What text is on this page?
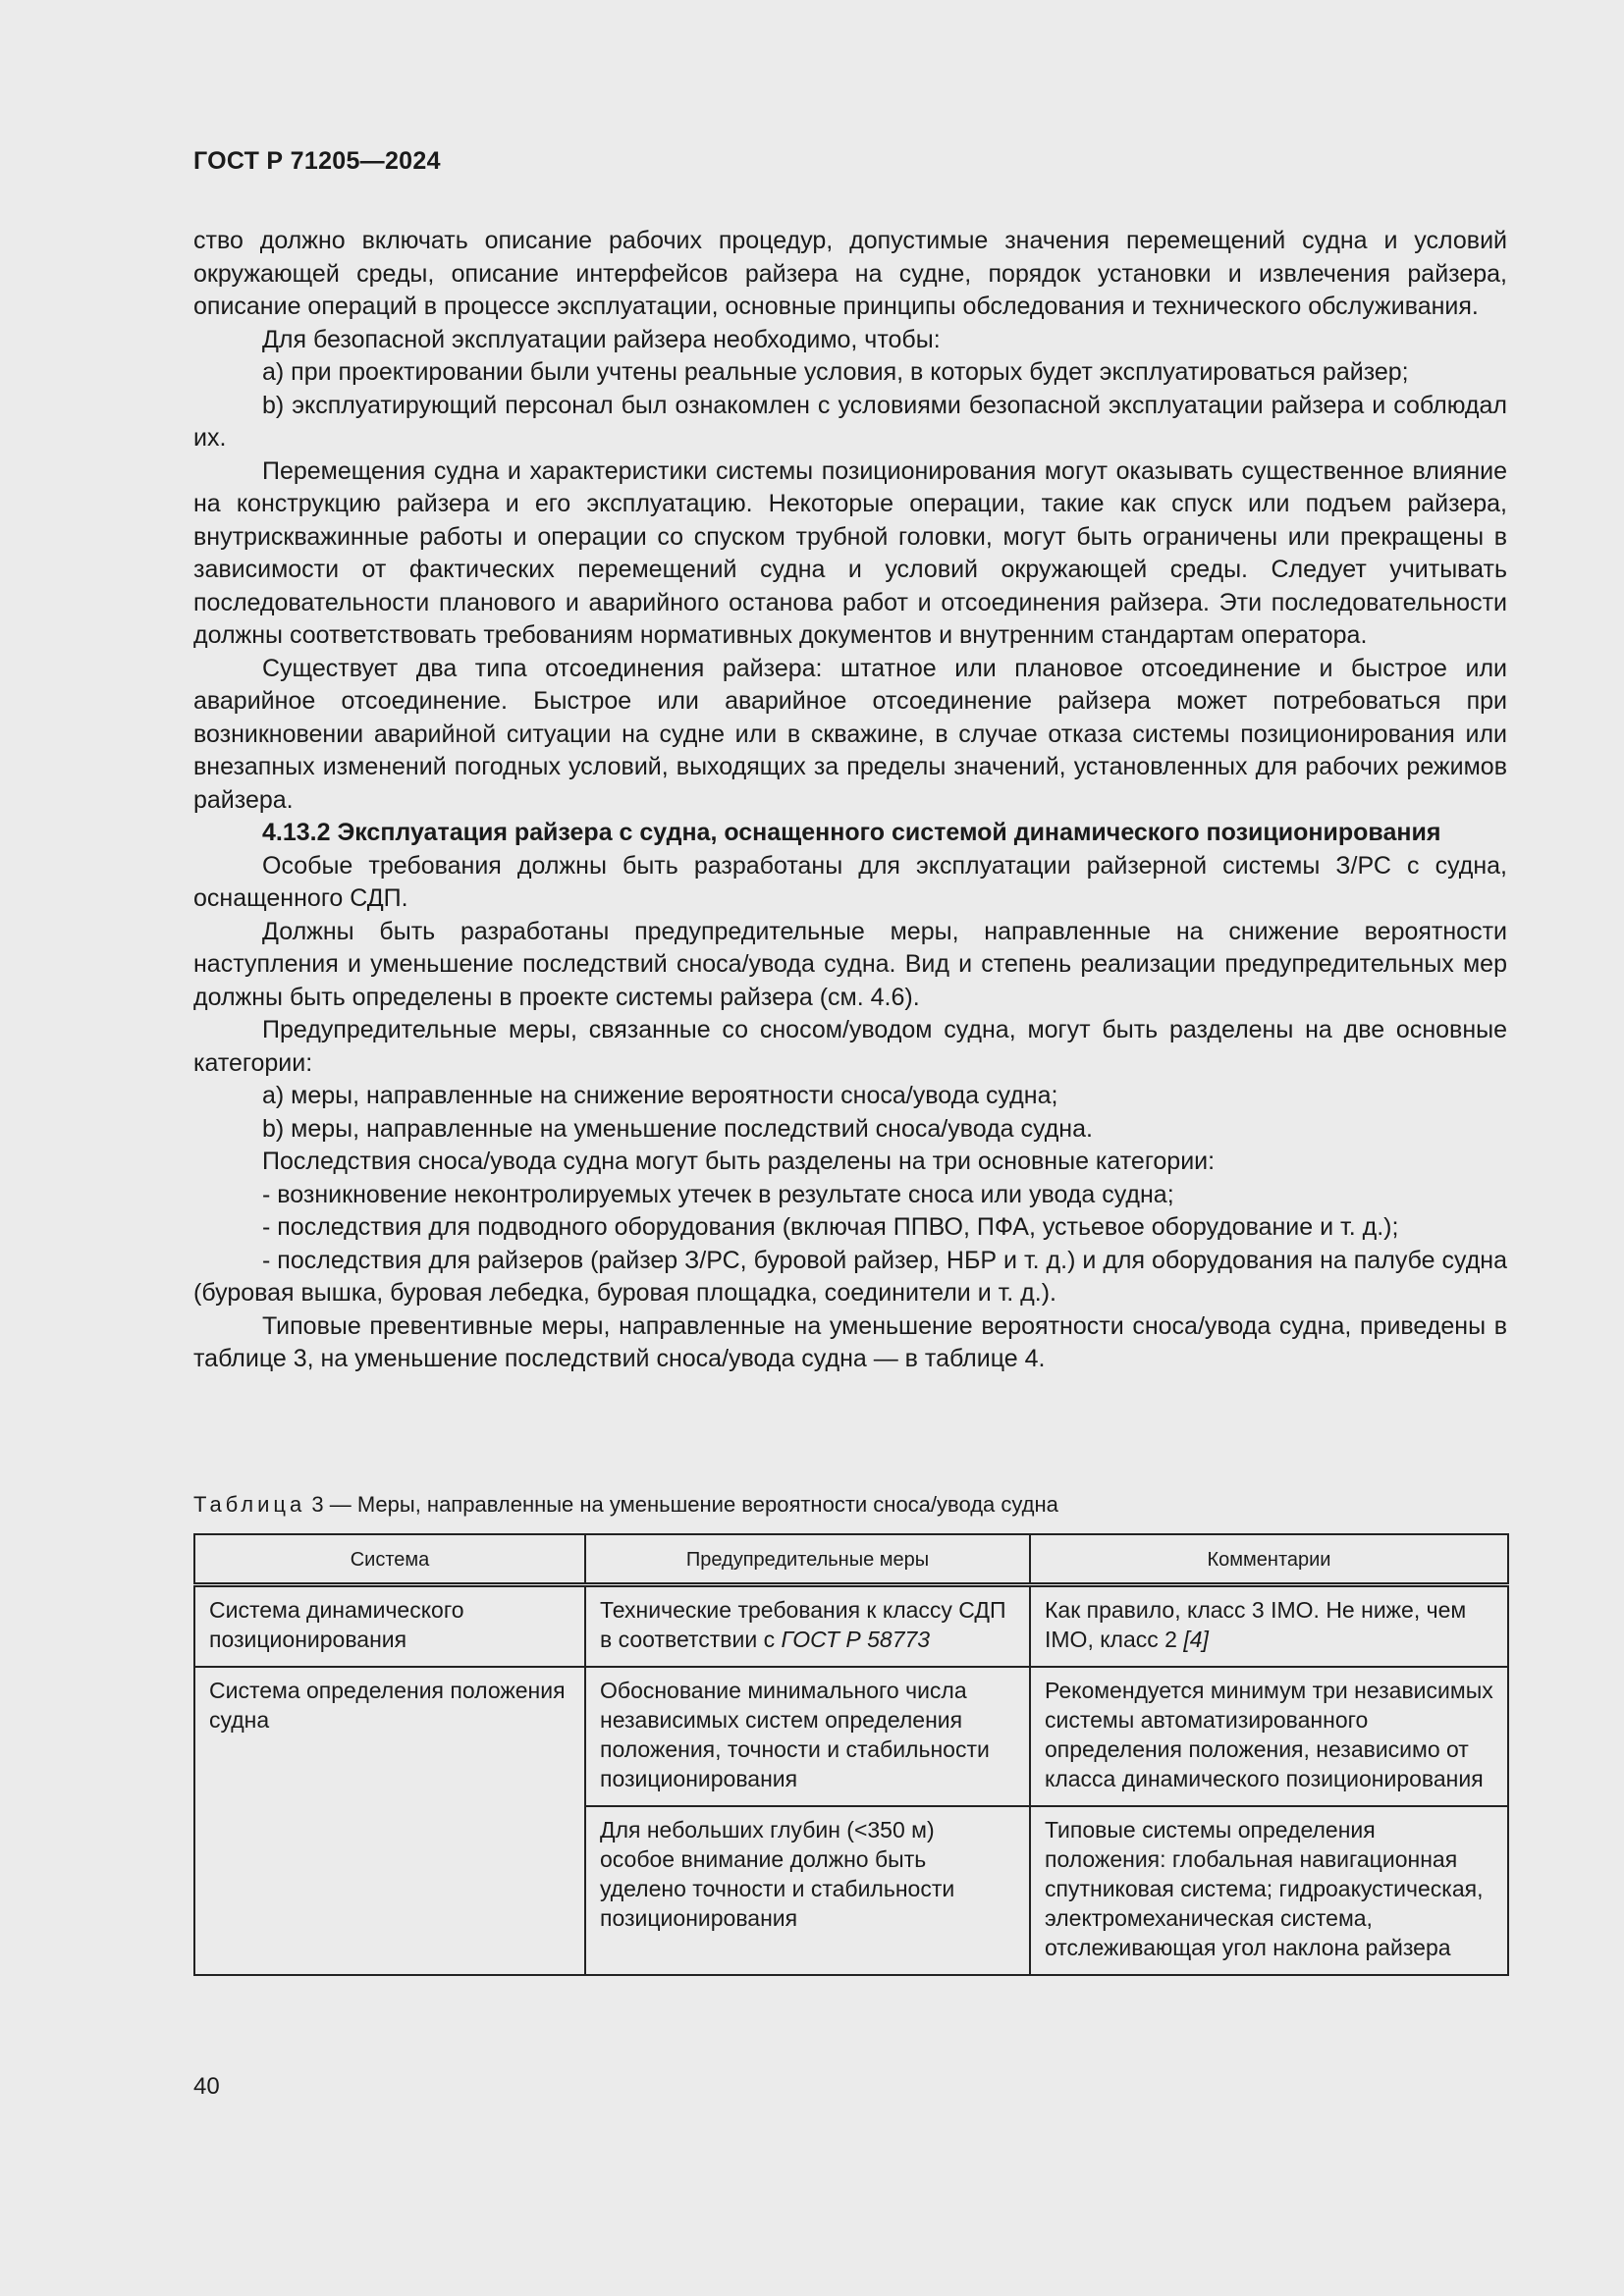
ГОСТ Р 71205—2024

ство должно включать описание рабочих процедур, допустимые значения перемещений судна и условий окружающей среды, описание интерфейсов райзера на судне, порядок установки и извлечения райзера, описание операций в процессе эксплуатации, основные принципы обследования и технического обслуживания.

Для безопасной эксплуатации райзера необходимо, чтобы:

a) при проектировании были учтены реальные условия, в которых будет эксплуатироваться райзер;

b) эксплуатирующий персонал был ознакомлен с условиями безопасной эксплуатации райзера и соблюдал их.

Перемещения судна и характеристики системы позиционирования могут оказывать существенное влияние на конструкцию райзера и его эксплуатацию. Некоторые операции, такие как спуск или подъем райзера, внутрискважинные работы и операции со спуском трубной головки, могут быть ограничены или прекращены в зависимости от фактических перемещений судна и условий окружающей среды. Следует учитывать последовательности планового и аварийного останова работ и отсоединения райзера. Эти последовательности должны соответствовать требованиям нормативных документов и внутренним стандартам оператора.

Существует два типа отсоединения райзера: штатное или плановое отсоединение и быстрое или аварийное отсоединение. Быстрое или аварийное отсоединение райзера может потребоваться при возникновении аварийной ситуации на судне или в скважине, в случае отказа системы позиционирования или внезапных изменений погодных условий, выходящих за пределы значений, установленных для рабочих режимов райзера.

4.13.2 Эксплуатация райзера с судна, оснащенного системой динамического позиционирования

Особые требования должны быть разработаны для эксплуатации райзерной системы З/РС с судна, оснащенного СДП.

Должны быть разработаны предупредительные меры, направленные на снижение вероятности наступления и уменьшение последствий сноса/увода судна. Вид и степень реализации предупредительных мер должны быть определены в проекте системы райзера (см. 4.6).

Предупредительные меры, связанные со сносом/уводом судна, могут быть разделены на две основные категории:

a) меры, направленные на снижение вероятности сноса/увода судна;

b) меры, направленные на уменьшение последствий сноса/увода судна.

Последствия сноса/увода судна могут быть разделены на три основные категории:

- возникновение неконтролируемых утечек в результате сноса или увода судна;

- последствия для подводного оборудования (включая ППВО, ПФА, устьевое оборудование и т. д.);

- последствия для райзеров (райзер З/РС, буровой райзер, НБР и т. д.) и для оборудования на палубе судна (буровая вышка, буровая лебедка, буровая площадка, соединители и т. д.).

Типовые превентивные меры, направленные на уменьшение вероятности сноса/увода судна, приведены в таблице 3, на уменьшение последствий сноса/увода судна — в таблице 4.

Таблица 3 — Меры, направленные на уменьшение вероятности сноса/увода судна
Система	Предупредительные меры	Комментарии
Система динамического позиционирования	Технические требования к классу СДП в соответствии с ГОСТ Р 58773	Как правило, класс 3 IMO. Не ниже, чем IMO, класс 2 [4]
Система определения положения судна	Обоснование минимального числа независимых систем определения положения, точности и стабильности позиционирования	Рекомендуется минимум три независимых системы автоматизированного определения положения, независимо от класса динамического позиционирования
	Для небольших глубин (<350 м) особое внимание должно быть уделено точности и стабильности позиционирования	Типовые системы определения положения: глобальная навигационная спутниковая система; гидроакустическая, электромеханическая система, отслеживающая угол наклона райзера
40
